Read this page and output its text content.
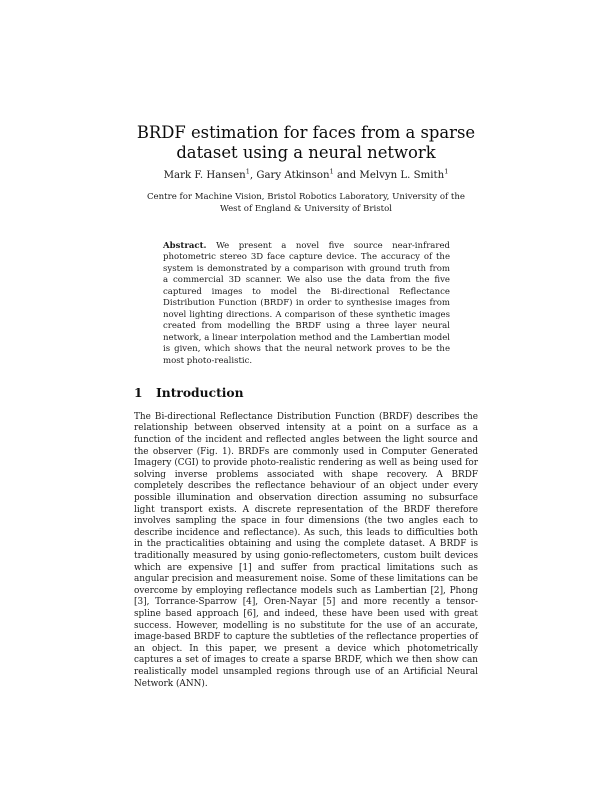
BRDF estimation for faces from a sparse dataset using a neural network
Mark F. Hansen$^1$, Gary Atkinson$^1$ and Melvyn L. Smith$^1$
Centre for Machine Vision, Bristol Robotics Laboratory, University of the West of England & University of Bristol
Abstract. We present a novel five source near-infrared photometric stereo 3D face capture device. The accuracy of the system is demonstrated by a comparison with ground truth from a commercial 3D scanner. We also use the data from the five captured images to model the Bi-directional Reflectance Distribution Function (BRDF) in order to synthesise images from novel lighting directions. A comparison of these synthetic images created from modelling the BRDF using a three layer neural network, a linear interpolation method and the Lambertian model is given, which shows that the neural network proves to be the most photo-realistic.
1 Introduction

The Bi-directional Reflectance Distribution Function (BRDF) describes the relationship between observed intensity at a point on a surface as a function of the incident and reflected angles between the light source and the observer (Fig. 1). BRDFs are commonly used in Computer Generated Imagery (CGI) to provide photo-realistic rendering as well as being used for solving inverse problems associated with shape recovery. A BRDF completely describes the reflectance behaviour of an object under every possible illumination and observation direction assuming no subsurface light transport exists. A discrete representation of the BRDF therefore involves sampling the space in four dimensions (the two angles each to describe incidence and reflectance). As such, this leads to difficulties both in the practicalities obtaining and using the complete dataset. A BRDF is traditionally measured by using gonio-reflectometers, custom built devices which are expensive [1] and suffer from practical limitations such as angular precision and measurement noise. Some of these limitations can be overcome by employing reflectance models such as Lambertian [2], Phong [3], Torrance-Sparrow [4], Oren-Nayar [5] and more recently a tensor-spline based approach [6], and indeed, these have been used with great success. However, modelling is no substitute for the use of an accurate, image-based BRDF to capture the subtleties of the reflectance properties of an object. In this paper, we present a device which photometrically captures a set of images to create a sparse BRDF, which we then show can realistically model unsampled regions through use of an Artificial Neural Network (ANN).
